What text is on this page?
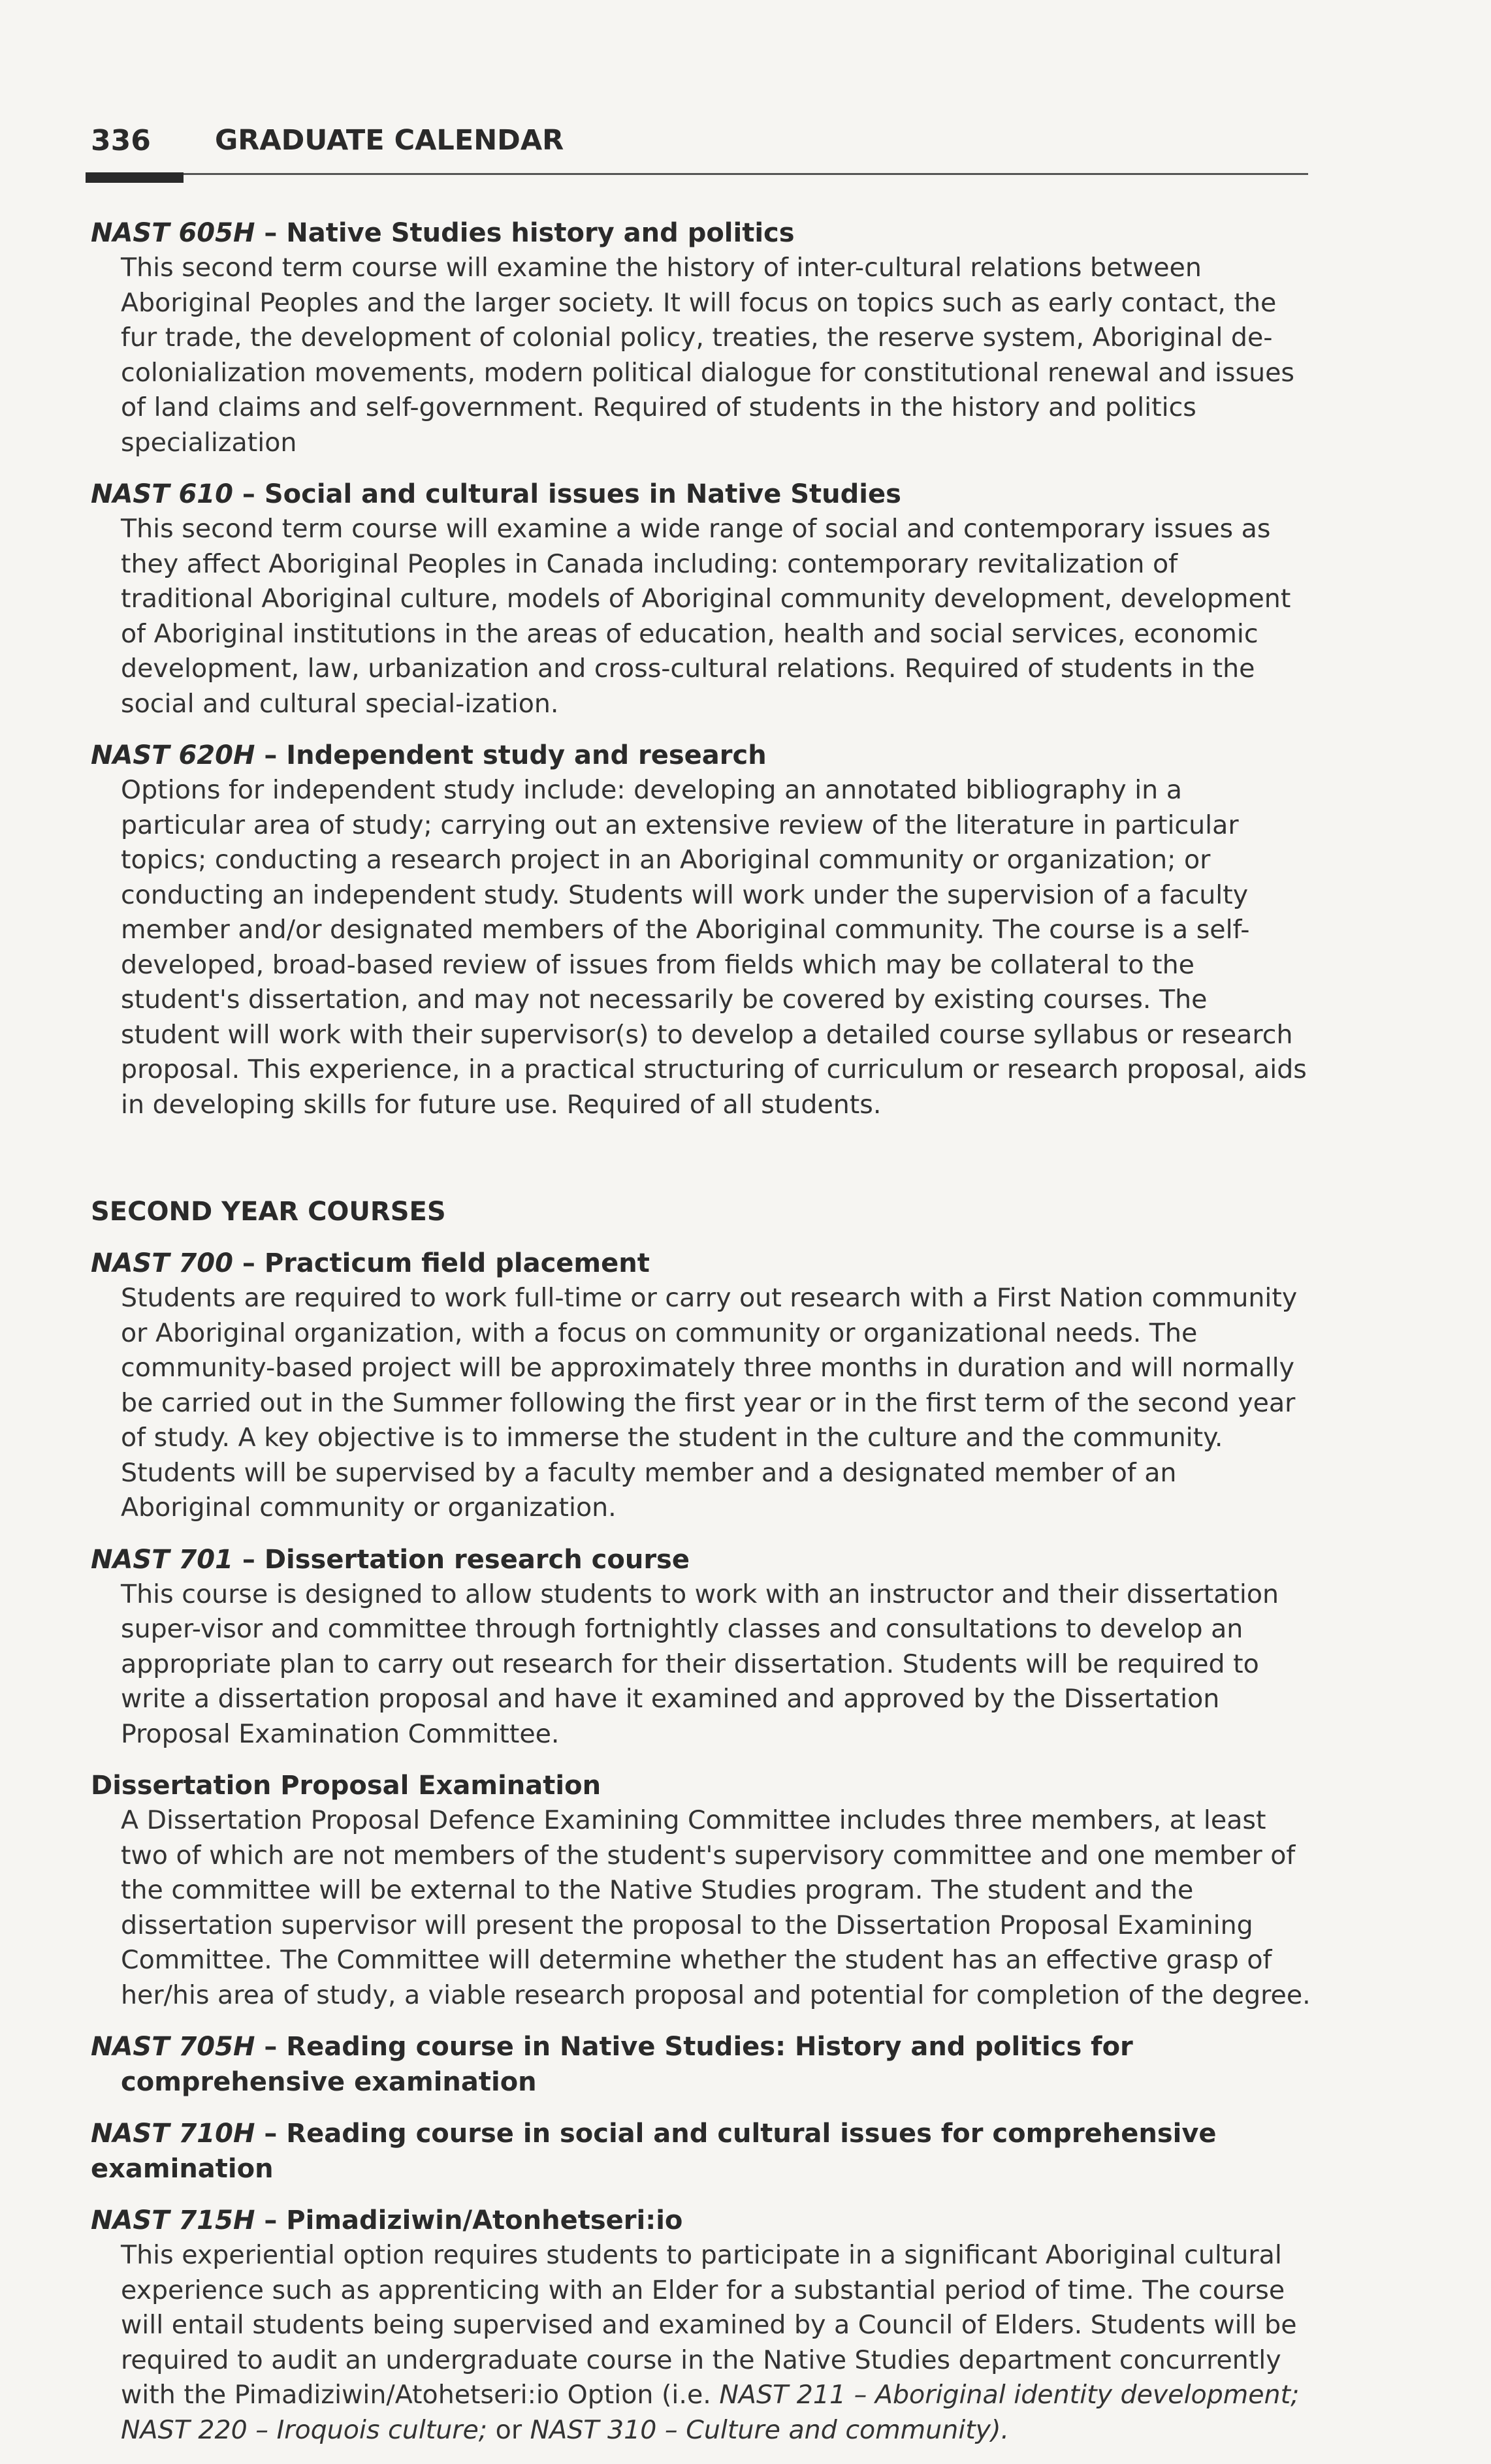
336 GRADUATE CALENDAR

NAST 605H – Native Studies history and politics

This second term course will examine the history of inter-cultural relations between Aboriginal Peoples and the larger society. It will focus on topics such as early contact, the fur trade, the development of colonial policy, treaties, the reserve system, Aboriginal de-colonialization movements, modern political dialogue for constitutional renewal and issues of land claims and self-government. Required of students in the history and politics specialization

NAST 610 – Social and cultural issues in Native Studies

This second term course will examine a wide range of social and contemporary issues as they affect Aboriginal Peoples in Canada including: contemporary revitalization of traditional Aboriginal culture, models of Aboriginal community development, development of Aboriginal institutions in the areas of education, health and social services, economic development, law, urbanization and cross-cultural relations. Required of students in the social and cultural special-ization.

NAST 620H – Independent study and research

Options for independent study include: developing an annotated bibliography in a particular area of study; carrying out an extensive review of the literature in particular topics; conducting a research project in an Aboriginal community or organization; or conducting an independent study. Students will work under the supervision of a faculty member and/or designated members of the Aboriginal community. The course is a self-developed, broad-based review of issues from fields which may be collateral to the student's dissertation, and may not necessarily be covered by existing courses. The student will work with their supervisor(s) to develop a detailed course syllabus or research proposal. This experience, in a practical structuring of curriculum or research proposal, aids in developing skills for future use. Required of all students.

SECOND YEAR COURSES

NAST 700 – Practicum field placement

Students are required to work full-time or carry out research with a First Nation community or Aboriginal organization, with a focus on community or organizational needs. The community-based project will be approximately three months in duration and will normally be carried out in the Summer following the first year or in the first term of the second year of study. A key objective is to immerse the student in the culture and the community. Students will be supervised by a faculty member and a designated member of an Aboriginal community or organization.

NAST 701 – Dissertation research course

This course is designed to allow students to work with an instructor and their dissertation super-visor and committee through fortnightly classes and consultations to develop an appropriate plan to carry out research for their dissertation. Students will be required to write a dissertation proposal and have it examined and approved by the Dissertation Proposal Examination Committee.

Dissertation Proposal Examination

A Dissertation Proposal Defence Examining Committee includes three members, at least two of which are not members of the student's supervisory committee and one member of the committee will be external to the Native Studies program. The student and the dissertation supervisor will present the proposal to the Dissertation Proposal Examining Committee. The Committee will determine whether the student has an effective grasp of her/his area of study, a viable research proposal and potential for completion of the degree.

NAST 705H – Reading course in Native Studies: History and politics for comprehensive examination

NAST 710H – Reading course in social and cultural issues for comprehensive examination

NAST 715H – Pimadiziwin/Atonhetseri:io

This experiential option requires students to participate in a significant Aboriginal cultural experience such as apprenticing with an Elder for a substantial period of time. The course will entail students being supervised and examined by a Council of Elders. Students will be required to audit an undergraduate course in the Native Studies department concurrently with the Pimadiziwin/Atohetseri:io Option (i.e. NAST 211 – Aboriginal identity development; NAST 220 – Iroquois culture; or NAST 310 – Culture and community).
